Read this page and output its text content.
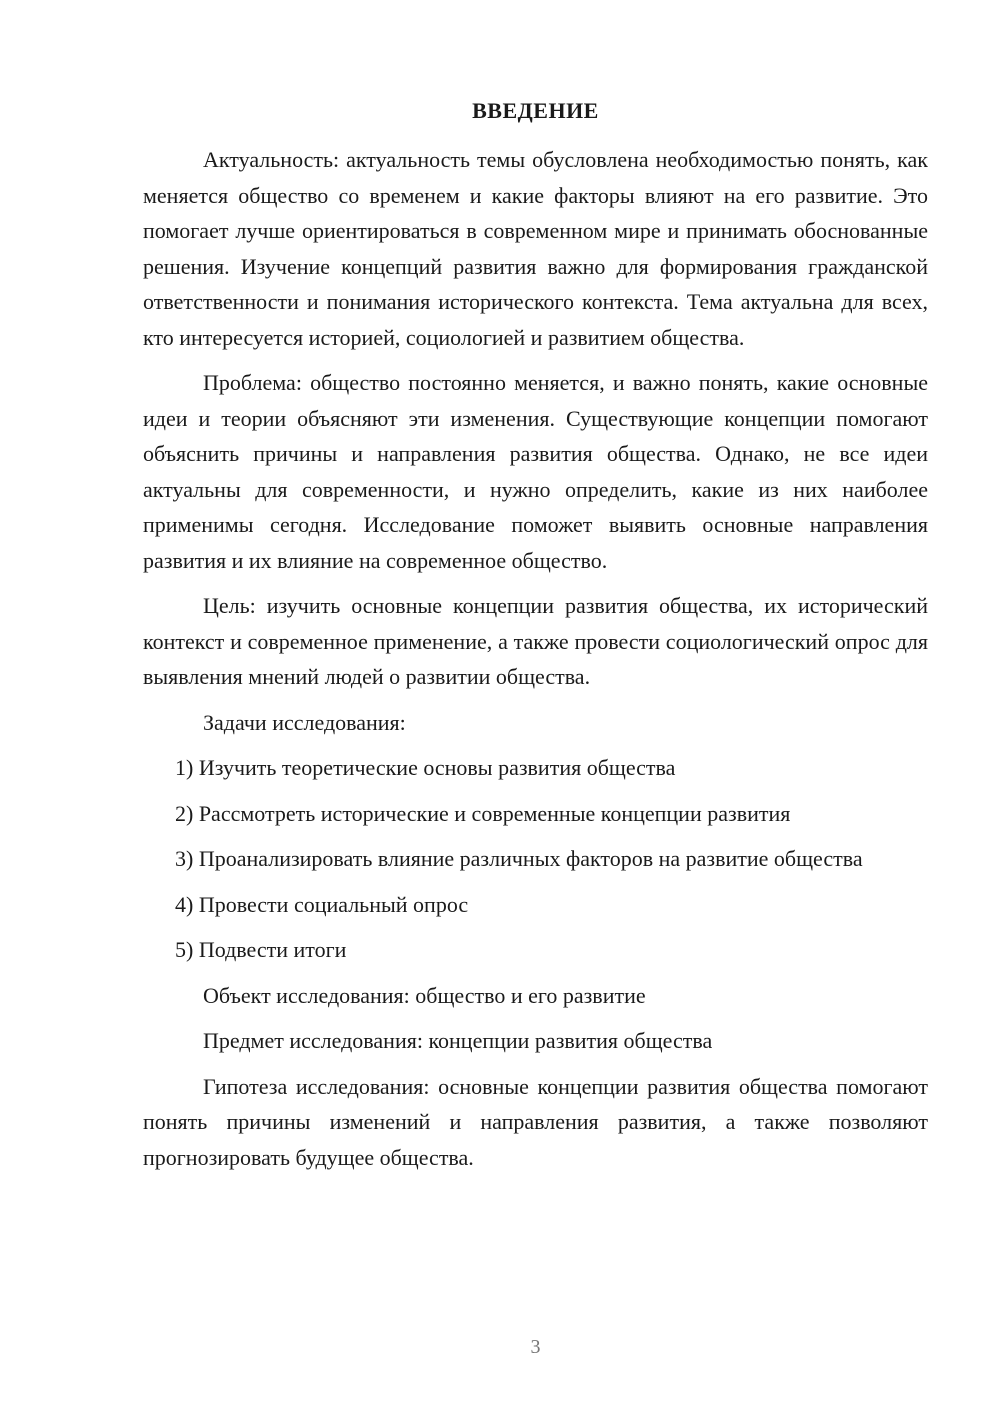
ВВЕДЕНИЕ

Актуальность: актуальность темы обусловлена необходимостью понять, как меняется общество со временем и какие факторы влияют на его развитие. Это помогает лучше ориентироваться в современном мире и принимать обоснованные решения. Изучение концепций развития важно для формирования гражданской ответственности и понимания исторического контекста. Тема актуальна для всех, кто интересуется историей, социологией и развитием общества.

Проблема: общество постоянно меняется, и важно понять, какие основные идеи и теории объясняют эти изменения. Существующие концепции помогают объяснить причины и направления развития общества. Однако, не все идеи актуальны для современности, и нужно определить, какие из них наиболее применимы сегодня. Исследование поможет выявить основные направления развития и их влияние на современное общество.

Цель: изучить основные концепции развития общества, их исторический контекст и современное применение, а также провести социологический опрос для выявления мнений людей о развитии общества.

Задачи исследования:

1) Изучить теоретические основы развития общества

2) Рассмотреть исторические и современные концепции развития

3) Проанализировать влияние различных факторов на развитие общества

4) Провести социальный опрос

5) Подвести итоги

Объект исследования: общество и его развитие

Предмет исследования: концепции развития общества

Гипотеза исследования: основные концепции развития общества помогают понять причины изменений и направления развития, а также позволяют прогнозировать будущее общества.

3
